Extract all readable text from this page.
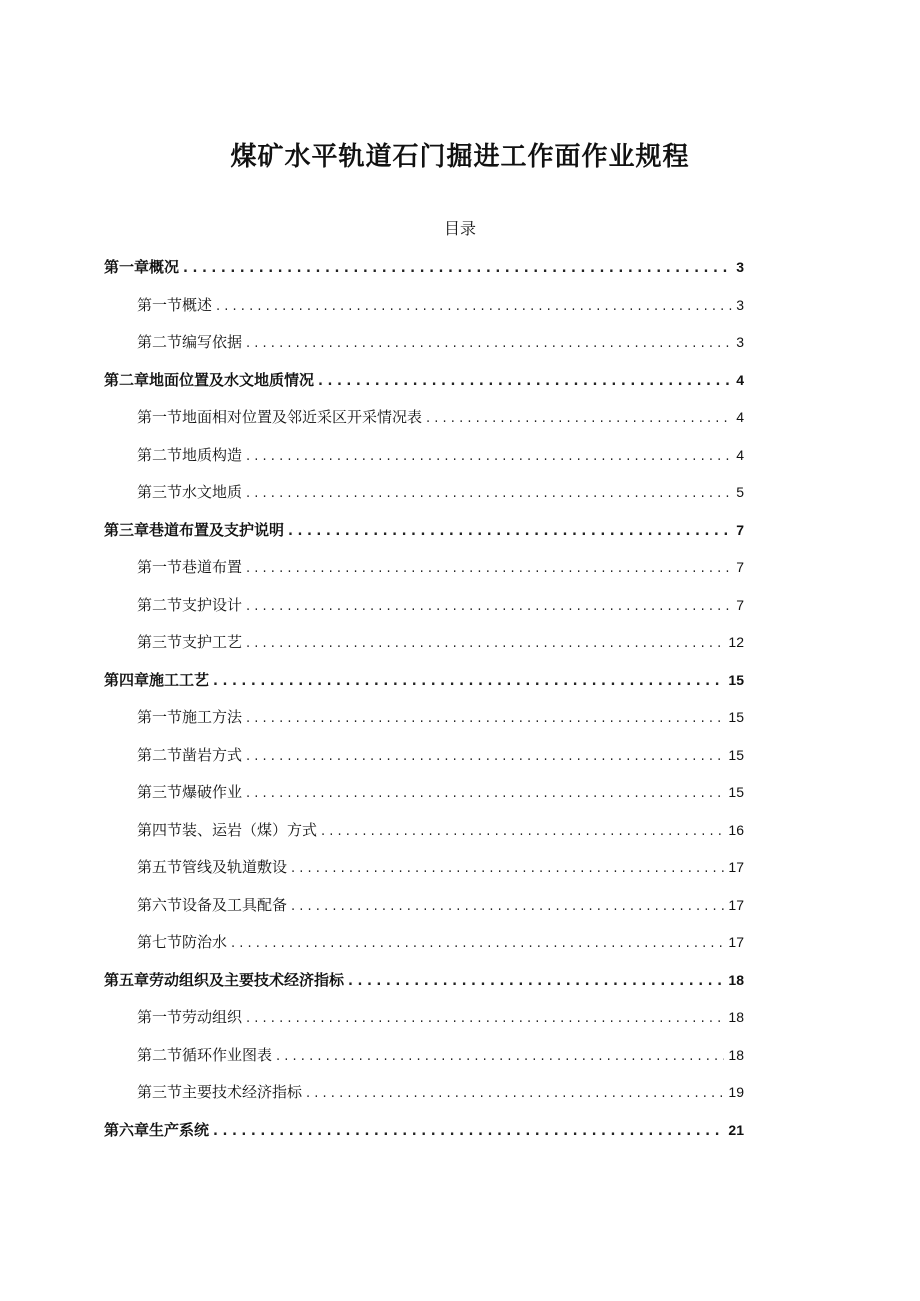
煤矿水平轨道石门掘进工作面作业规程
目录
第一章概况 . . .	3
第一节概述 . . .	3
第二节编写依据 . . .	3
第二章地面位置及水文地质情况 . . .	4
第一节地面相对位置及邻近采区开采情况表 . . .	4
第二节地质构造 . . .	4
第三节水文地质 . . .	5
第三章巷道布置及支护说明 . . .	7
第一节巷道布置 . . .	7
第二节支护设计 . . .	7
第三节支护工艺 . . .	12
第四章施工工艺 . . .	15
第一节施工方法 . . .	15
第二节凿岩方式 . . .	15
第三节爆破作业 . . .	15
第四节装、运岩（煤）方式 . . .	16
第五节管线及轨道敷设 . . .	17
第六节设备及工具配备 . . .	17
第七节防治水 . . .	17
第五章劳动组织及主要技术经济指标 . . .	18
第一节劳动组织 . . .	18
第二节循环作业图表 . . .	18
第三节主要技术经济指标 . . .	19
第六章生产系统 . . .	21
